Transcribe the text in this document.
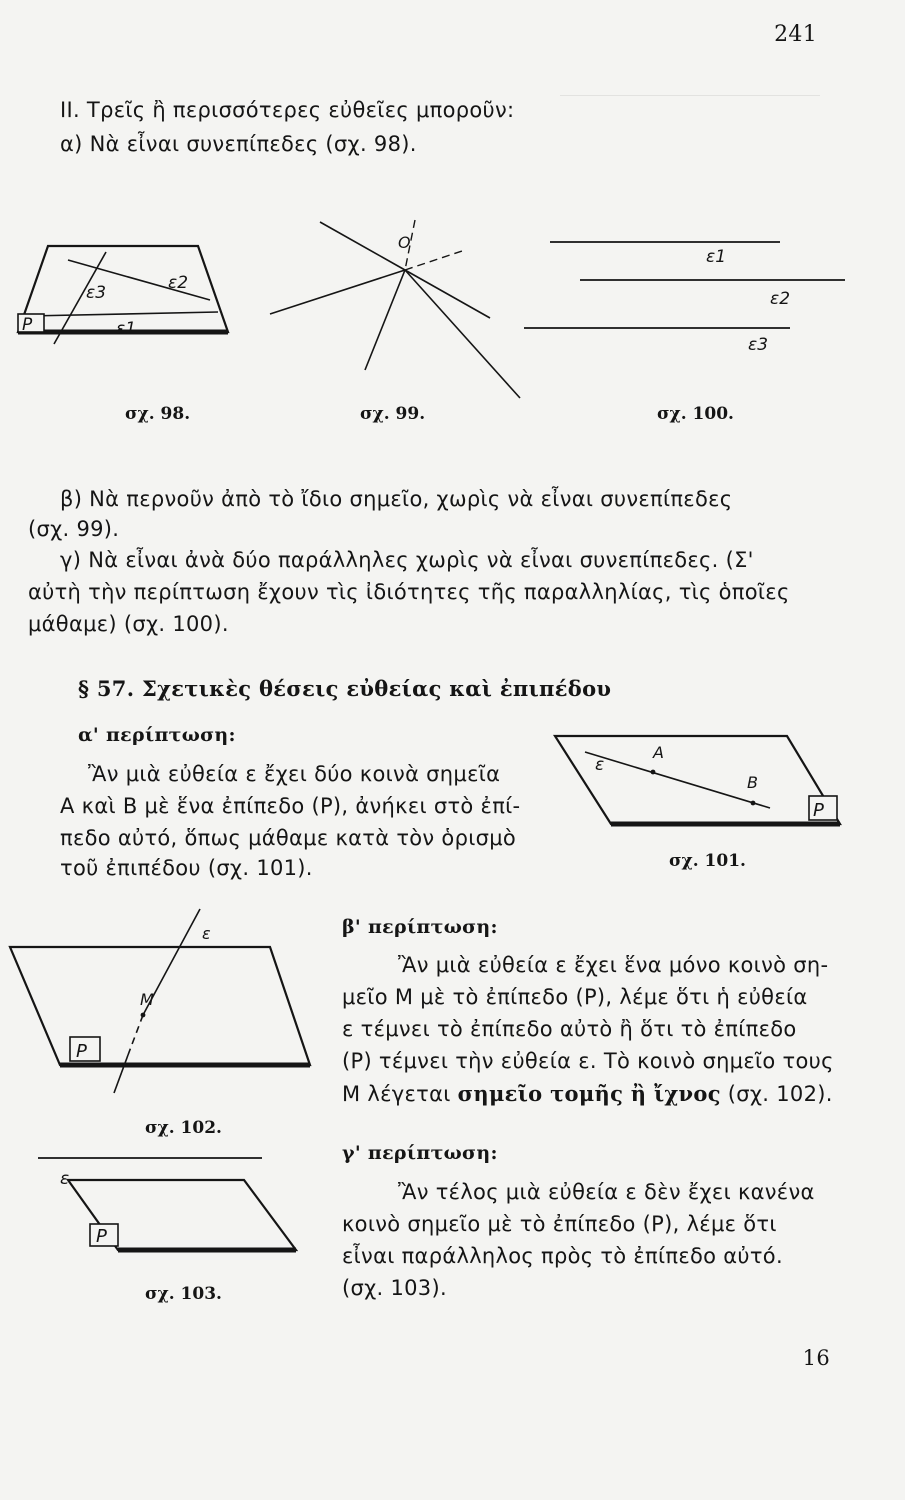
241
ΙΙ. Τρεῖς ἢ περισσότερες εὐθεῖες μποροῦν:
α) Νὰ εἶναι συνεπίπεδες (σχ. 98).
P	ε1
ε2
ε3
σχ. 98.
O
σχ. 99.
ε1
ε2
ε3
σχ. 100.
β) Νὰ περνοῦν ἀπὸ τὸ ἴδιο σημεῖο, χωρὶς νὰ εἶναι συνεπίπεδες
(σχ. 99).
γ) Νὰ εἶναι ἀνὰ δύο παράλληλες χωρὶς νὰ εἶναι συνεπίπεδες. (Σ'
αὐτὴ τὴν περίπτωση ἔχουν τὶς ἰδιότητες τῆς παραλληλίας, τὶς ὁποῖες
μάθαμε) (σχ. 100).
§ 57. Σχετικὲς θέσεις εὐθείας καὶ ἐπιπέδου
α' περίπτωση:
Ἂν μιὰ εὐθεία ε ἔχει δύο κοινὰ σημεῖα
Α καὶ Β μὲ ἕνα ἐπίπεδο (Ρ), ἀνήκει στὸ ἐπί-
πεδο αὐτό, ὅπως μάθαμε κατὰ τὸν ὁρισμὸ
τοῦ ἐπιπέδου (σχ. 101).
P
ε
A
B
σχ. 101.
P
ε
M
σχ. 102.
β' περίπτωση:
Ἂν μιὰ εὐθεία ε ἔχει ἕνα μόνο κοινὸ ση-
μεῖο Μ μὲ τὸ ἐπίπεδο (Ρ), λέμε ὅτι ἡ εὐθεία
ε τέμνει τὸ ἐπίπεδο αὐτὸ ἢ ὅτι τὸ ἐπίπεδο
(Ρ) τέμνει τὴν εὐθεία ε. Τὸ κοινὸ σημεῖο τους
Μ λέγεται σημεῖο τομῆς ἢ ἴχνος (σχ. 102).
ε
P
σχ. 103.
γ' περίπτωση:
Ἂν τέλος μιὰ εὐθεία ε δὲν ἔχει κανένα
κοινὸ σημεῖο μὲ τὸ ἐπίπεδο (Ρ), λέμε ὅτι
εἶναι παράλληλος πρὸς τὸ ἐπίπεδο αὐτό.
(σχ. 103).
16
